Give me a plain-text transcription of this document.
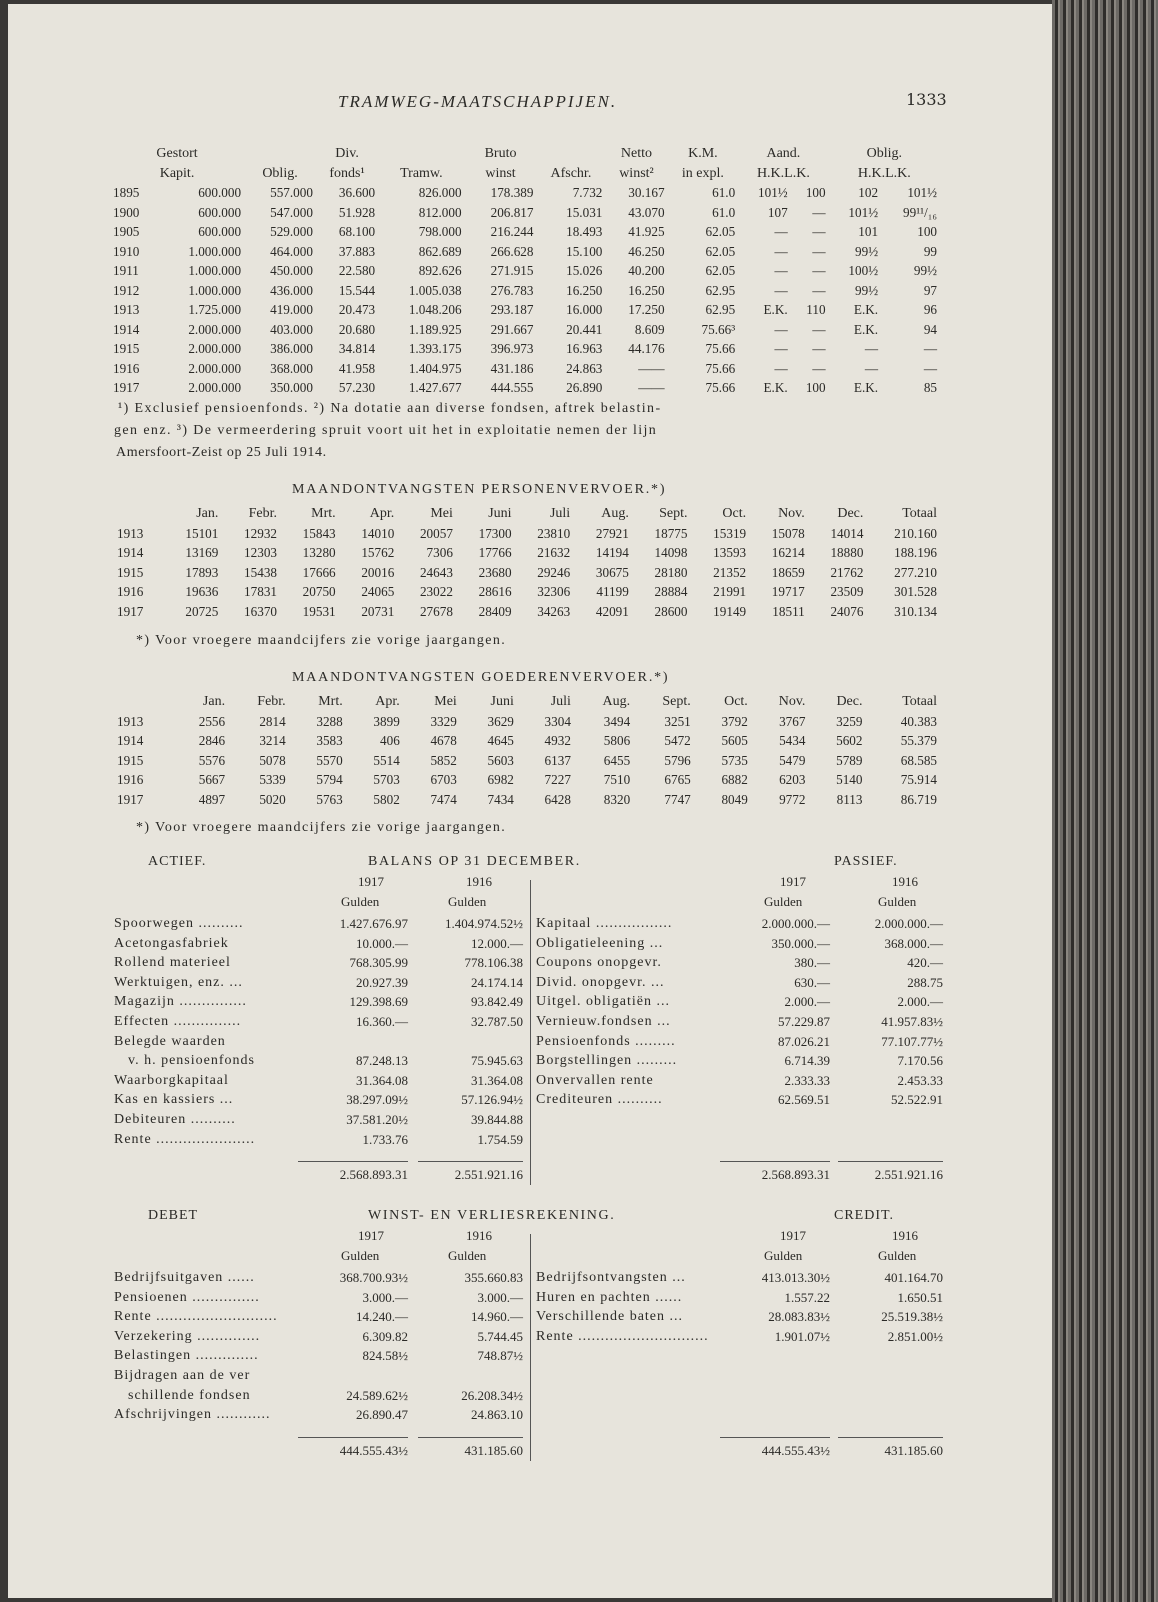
TRAMWEG-MAATSCHAPPIJEN.	1333
Gestort			Div.		Bruto		Netto	K.M.	Aand.		Oblig.	
Kapit.		Oblig.	fonds¹	Tramw.	winst	Afschr.	winst²	in expl.	H.K.L.K.		H.K.L.K.	
1895	600.000	557.000	36.600	826.000	178.389	7.732	30.167	61.0	101½	100	102	101½
1900	600.000	547.000	51.928	812.000	206.817	15.031	43.070	61.0	107	—	101½	99¹¹/₁₆
1905	600.000	529.000	68.100	798.000	216.244	18.493	41.925	62.05	—	—	101	100
1910	1.000.000	464.000	37.883	862.689	266.628	15.100	46.250	62.05	—	—	99½	99
1911	1.000.000	450.000	22.580	892.626	271.915	15.026	40.200	62.05	—	—	100½	99½
1912	1.000.000	436.000	15.544	1.005.038	276.783	16.250	16.250	62.95	—	—	99½	97
1913	1.725.000	419.000	20.473	1.048.206	293.187	16.000	17.250	62.95	E.K.	110	E.K.	96
1914	2.000.000	403.000	20.680	1.189.925	291.667	20.441	8.609	75.66³	—	—	E.K.	94
1915	2.000.000	386.000	34.814	1.393.175	396.973	16.963	44.176	75.66	—	—	—	—
1916	2.000.000	368.000	41.958	1.404.975	431.186	24.863	——	75.66	—	—	—	—
1917	2.000.000	350.000	57.230	1.427.677	444.555	26.890	——	75.66	E.K.	100	E.K.	85
¹) Exclusief pensioenfonds. ²) Na dotatie aan diverse fondsen, aftrek belastin-
gen enz. ³) De vermeerdering spruit voort uit het in exploitatie nemen der lijn
Amersfoort-Zeist op 25 Juli 1914.
MAANDONTVANGSTEN PERSONENVERVOER.*)
	Jan.	Febr.	Mrt.	Apr.	Mei	Juni	Juli	Aug.	Sept.	Oct.	Nov.	Dec.	Totaal
1913	15101	12932	15843	14010	20057	17300	23810	27921	18775	15319	15078	14014	210.160
1914	13169	12303	13280	15762	7306	17766	21632	14194	14098	13593	16214	18880	188.196
1915	17893	15438	17666	20016	24643	23680	29246	30675	28180	21352	18659	21762	277.210
1916	19636	17831	20750	24065	23022	28616	32306	41199	28884	21991	19717	23509	301.528
1917	20725	16370	19531	20731	27678	28409	34263	42091	28600	19149	18511	24076	310.134
*) Voor vroegere maandcijfers zie vorige jaargangen.
MAANDONTVANGSTEN GOEDERENVERVOER.*)
	Jan.	Febr.	Mrt.	Apr.	Mei	Juni	Juli	Aug.	Sept.	Oct.	Nov.	Dec.	Totaal
1913	2556	2814	3288	3899	3329	3629	3304	3494	3251	3792	3767	3259	40.383
1914	2846	3214	3583	406	4678	4645	4932	5806	5472	5605	5434	5602	55.379
1915	5576	5078	5570	5514	5852	5603	6137	6455	5796	5735	5479	5789	68.585
1916	5667	5339	5794	5703	6703	6982	7227	7510	6765	6882	6203	5140	75.914
1917	4897	5020	5763	5802	7474	7434	6428	8320	7747	8049	9772	8113	86.719
*) Voor vroegere maandcijfers zie vorige jaargangen.
ACTIEF.	BALANS OP 31 DECEMBER.	PASSIEF.
1917	1916
Gulden	Gulden
1917	1916
Gulden	Gulden
Spoorwegen ..........	1.427.676.97	1.404.974.52½
Acetongasfabriek	10.000.—	12.000.—
Rollend materieel	768.305.99	778.106.38
Werktuigen, enz. ...	20.927.39	24.174.14
Magazijn ...............	129.398.69	93.842.49
Effecten ...............	16.360.—	32.787.50
Belegde waarden
v. h. pensioenfonds	87.248.13	75.945.63
Waarborgkapitaal	31.364.08	31.364.08
Kas en kassiers ...	38.297.09½	57.126.94½
Debiteuren ..........	37.581.20½	39.844.88
Rente ......................	1.733.76	1.754.59
Kapitaal .................	2.000.000.—	2.000.000.—
Obligatieleening ...	350.000.—	368.000.—
Coupons onopgevr.	380.—	420.—
Divid. onopgevr. ...	630.—	288.75
Uitgel. obligatiën ...	2.000.—	2.000.—
Vernieuw.fondsen ...	57.229.87	41.957.83½
Pensioenfonds .........	87.026.21	77.107.77½
Borgstellingen .........	6.714.39	7.170.56
Onvervallen rente	2.333.33	2.453.33
Crediteuren ..........	62.569.51	52.522.91
2.568.893.31	2.551.921.16	2.568.893.31	2.551.921.16
DEBET	WINST- EN VERLIESREKENING.	CREDIT.
1917	1916
Gulden	Gulden
1917	1916
Gulden	Gulden
Bedrijfsuitgaven ......	368.700.93½	355.660.83
Pensioenen ...............	3.000.—	3.000.—
Rente ...........................	14.240.—	14.960.—
Verzekering ..............	6.309.82	5.744.45
Belastingen ..............	824.58½	748.87½
Bijdragen aan de ver
schillende fondsen	24.589.62½	26.208.34½
Afschrijvingen ............	26.890.47	24.863.10
Bedrijfsontvangsten ...	413.013.30½	401.164.70
Huren en pachten ......	1.557.22	1.650.51
Verschillende baten ...	28.083.83½	25.519.38½
Rente .............................	1.901.07½	2.851.00½
444.555.43½	431.185.60	444.555.43½	431.185.60
